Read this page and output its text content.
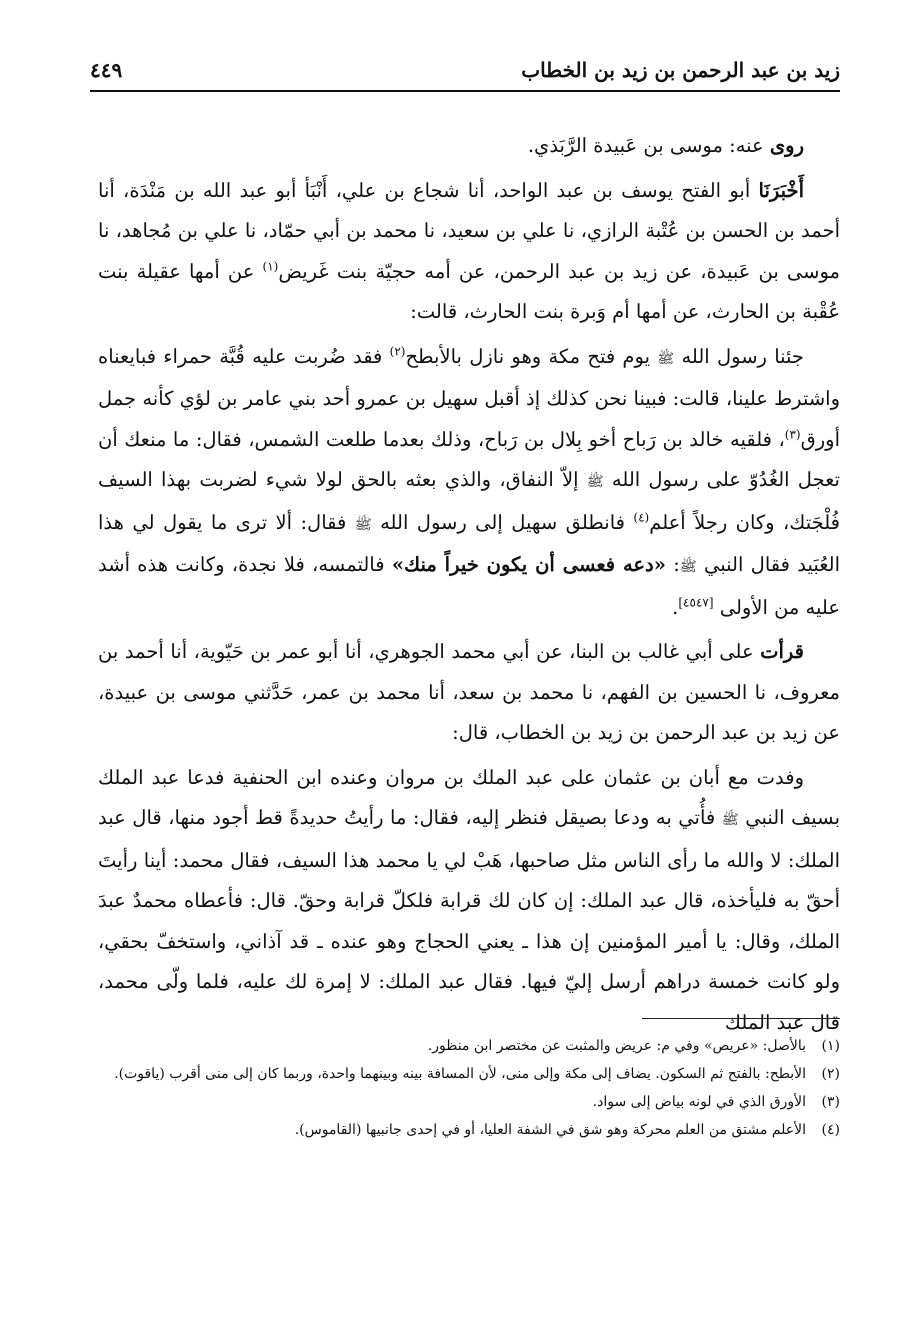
زيد بن عبد الرحمن بن زيد بن الخطاب
٤٤٩

روى عنه: موسى بن عَبيدة الرَّبَذي.

أَخْبَرَنَا أبو الفتح يوسف بن عبد الواحد، أنا شجاع بن علي، أَنْبَأ أبو عبد الله بن مَنْدَة، أنا أحمد بن الحسن بن عُتْبة الرازي، نا علي بن سعيد، نا محمد بن أبي حمّاد، نا علي بن مُجاهد، نا موسى بن عَبيدة، عن زيد بن عبد الرحمن، عن أمه حجيّة بنت غَريض$^{(١)}$ عن أمها عقيلة بنت عُقْبة بن الحارث، عن أمها أم وَبرة بنت الحارث، قالت:

جئنا رسول الله ﷺ يوم فتح مكة وهو نازل بالأبطح$^{(٢)}$ فقد ضُربت عليه قُبَّة حمراء فبايعناه واشترط علينا، قالت: فبينا نحن كذلك إذ أقبل سهيل بن عمرو أحد بني عامر بن لؤي كأنه جمل أورق$^{(٣)}$، فلقيه خالد بن رَباح أخو بِلال بن رَباح، وذلك بعدما طلعت الشمس، فقال: ما منعك أن تعجل الغُدُوّ على رسول الله ﷺ إلاّ النفاق، والذي بعثه بالحق لولا شيء لضربت بهذا السيف فُلْجَتك، وكان رجلاً أعلم$^{(٤)}$ فانطلق سهيل إلى رسول الله ﷺ فقال: ألا ترى ما يقول لي هذا العُبَيد فقال النبي ﷺ: «دعه فعسى أن يكون خيراً منك» فالتمسه، فلا نجدة، وكانت هذه أشد عليه من الأولى [٤٥٤٧].

قرأت على أبي غالب بن البنا، عن أبي محمد الجوهري، أنا أبو عمر بن حَيّوية، أنا أحمد بن معروف، نا الحسين بن الفهم، نا محمد بن سعد، أنا محمد بن عمر، حَدَّثني موسى بن عبيدة، عن زيد بن عبد الرحمن بن زيد بن الخطاب، قال:

وفدت مع أبان بن عثمان على عبد الملك بن مروان وعنده ابن الحنفية فدعا عبد الملك بسيف النبي ﷺ فأُتي به ودعا بصيقل فنظر إليه، فقال: ما رأيتُ حديدةً قط أجود منها، قال عبد الملك: لا والله ما رأى الناس مثل صاحبها، هَبْ لي يا محمد هذا السيف، فقال محمد: أينا رأيتَ أحقّ به فليأخذه، قال عبد الملك: إن كان لك قرابة فلكلّ قرابة وحقّ. قال: فأعطاه محمدٌ عبدَ الملك، وقال: يا أمير المؤمنين إن هذا ـ يعني الحجاج وهو عنده ـ قد آذاني، واستخفّ بحقي، ولو كانت خمسة دراهم أرسل إليّ فيها. فقال عبد الملك: لا إمرة لك عليه، فلما ولّى محمد، قال عبد الملك

(١)
بالأصل: «عريص» وفي م: عريض والمثبت عن مختصر ابن منظور.
(٢)
الأبطح: بالفتح ثم السكون. يضاف إلى مكة وإلى منى، لأن المسافة بينه وبينهما واحدة، وربما كان إلى منى أقرب (ياقوت).
(٣)
الأورق الذي في لونه بياض إلى سواد.
(٤)
الأعلم مشتق من العلم محركة وهو شق في الشفة العليا، أو في إحدى جانبيها (القاموس).
